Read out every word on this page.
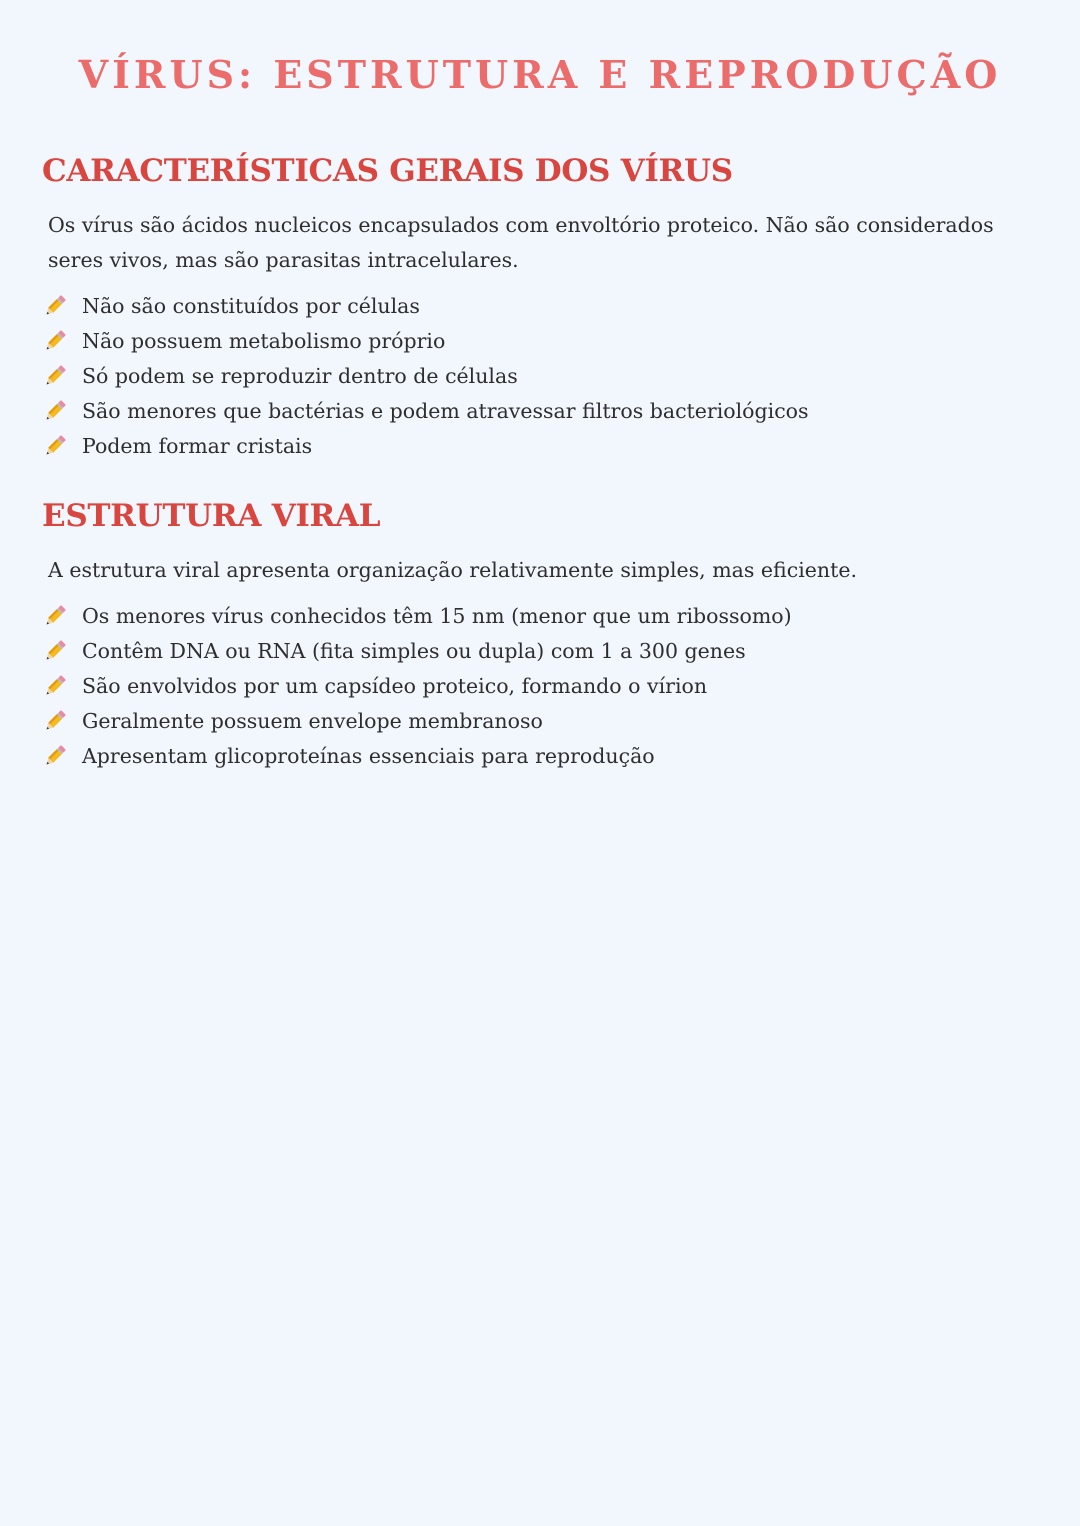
VÍRUS: ESTRUTURA E REPRODUÇÃO
CARACTERÍSTICAS GERAIS DOS VÍRUS

Os vírus são ácidos nucleicos encapsulados com envoltório proteico. Não são considerados seres vivos, mas são parasitas intracelulares.

Não são constituídos por células
Não possuem metabolismo próprio
Só podem se reproduzir dentro de células
São menores que bactérias e podem atravessar filtros bacteriológicos
Podem formar cristais
ESTRUTURA VIRAL

A estrutura viral apresenta organização relativamente simples, mas eficiente.

Os menores vírus conhecidos têm 15 nm (menor que um ribossomo)
Contêm DNA ou RNA (fita simples ou dupla) com 1 a 300 genes
São envolvidos por um capsídeo proteico, formando o vírion
Geralmente possuem envelope membranoso
Apresentam glicoproteínas essenciais para reprodução
